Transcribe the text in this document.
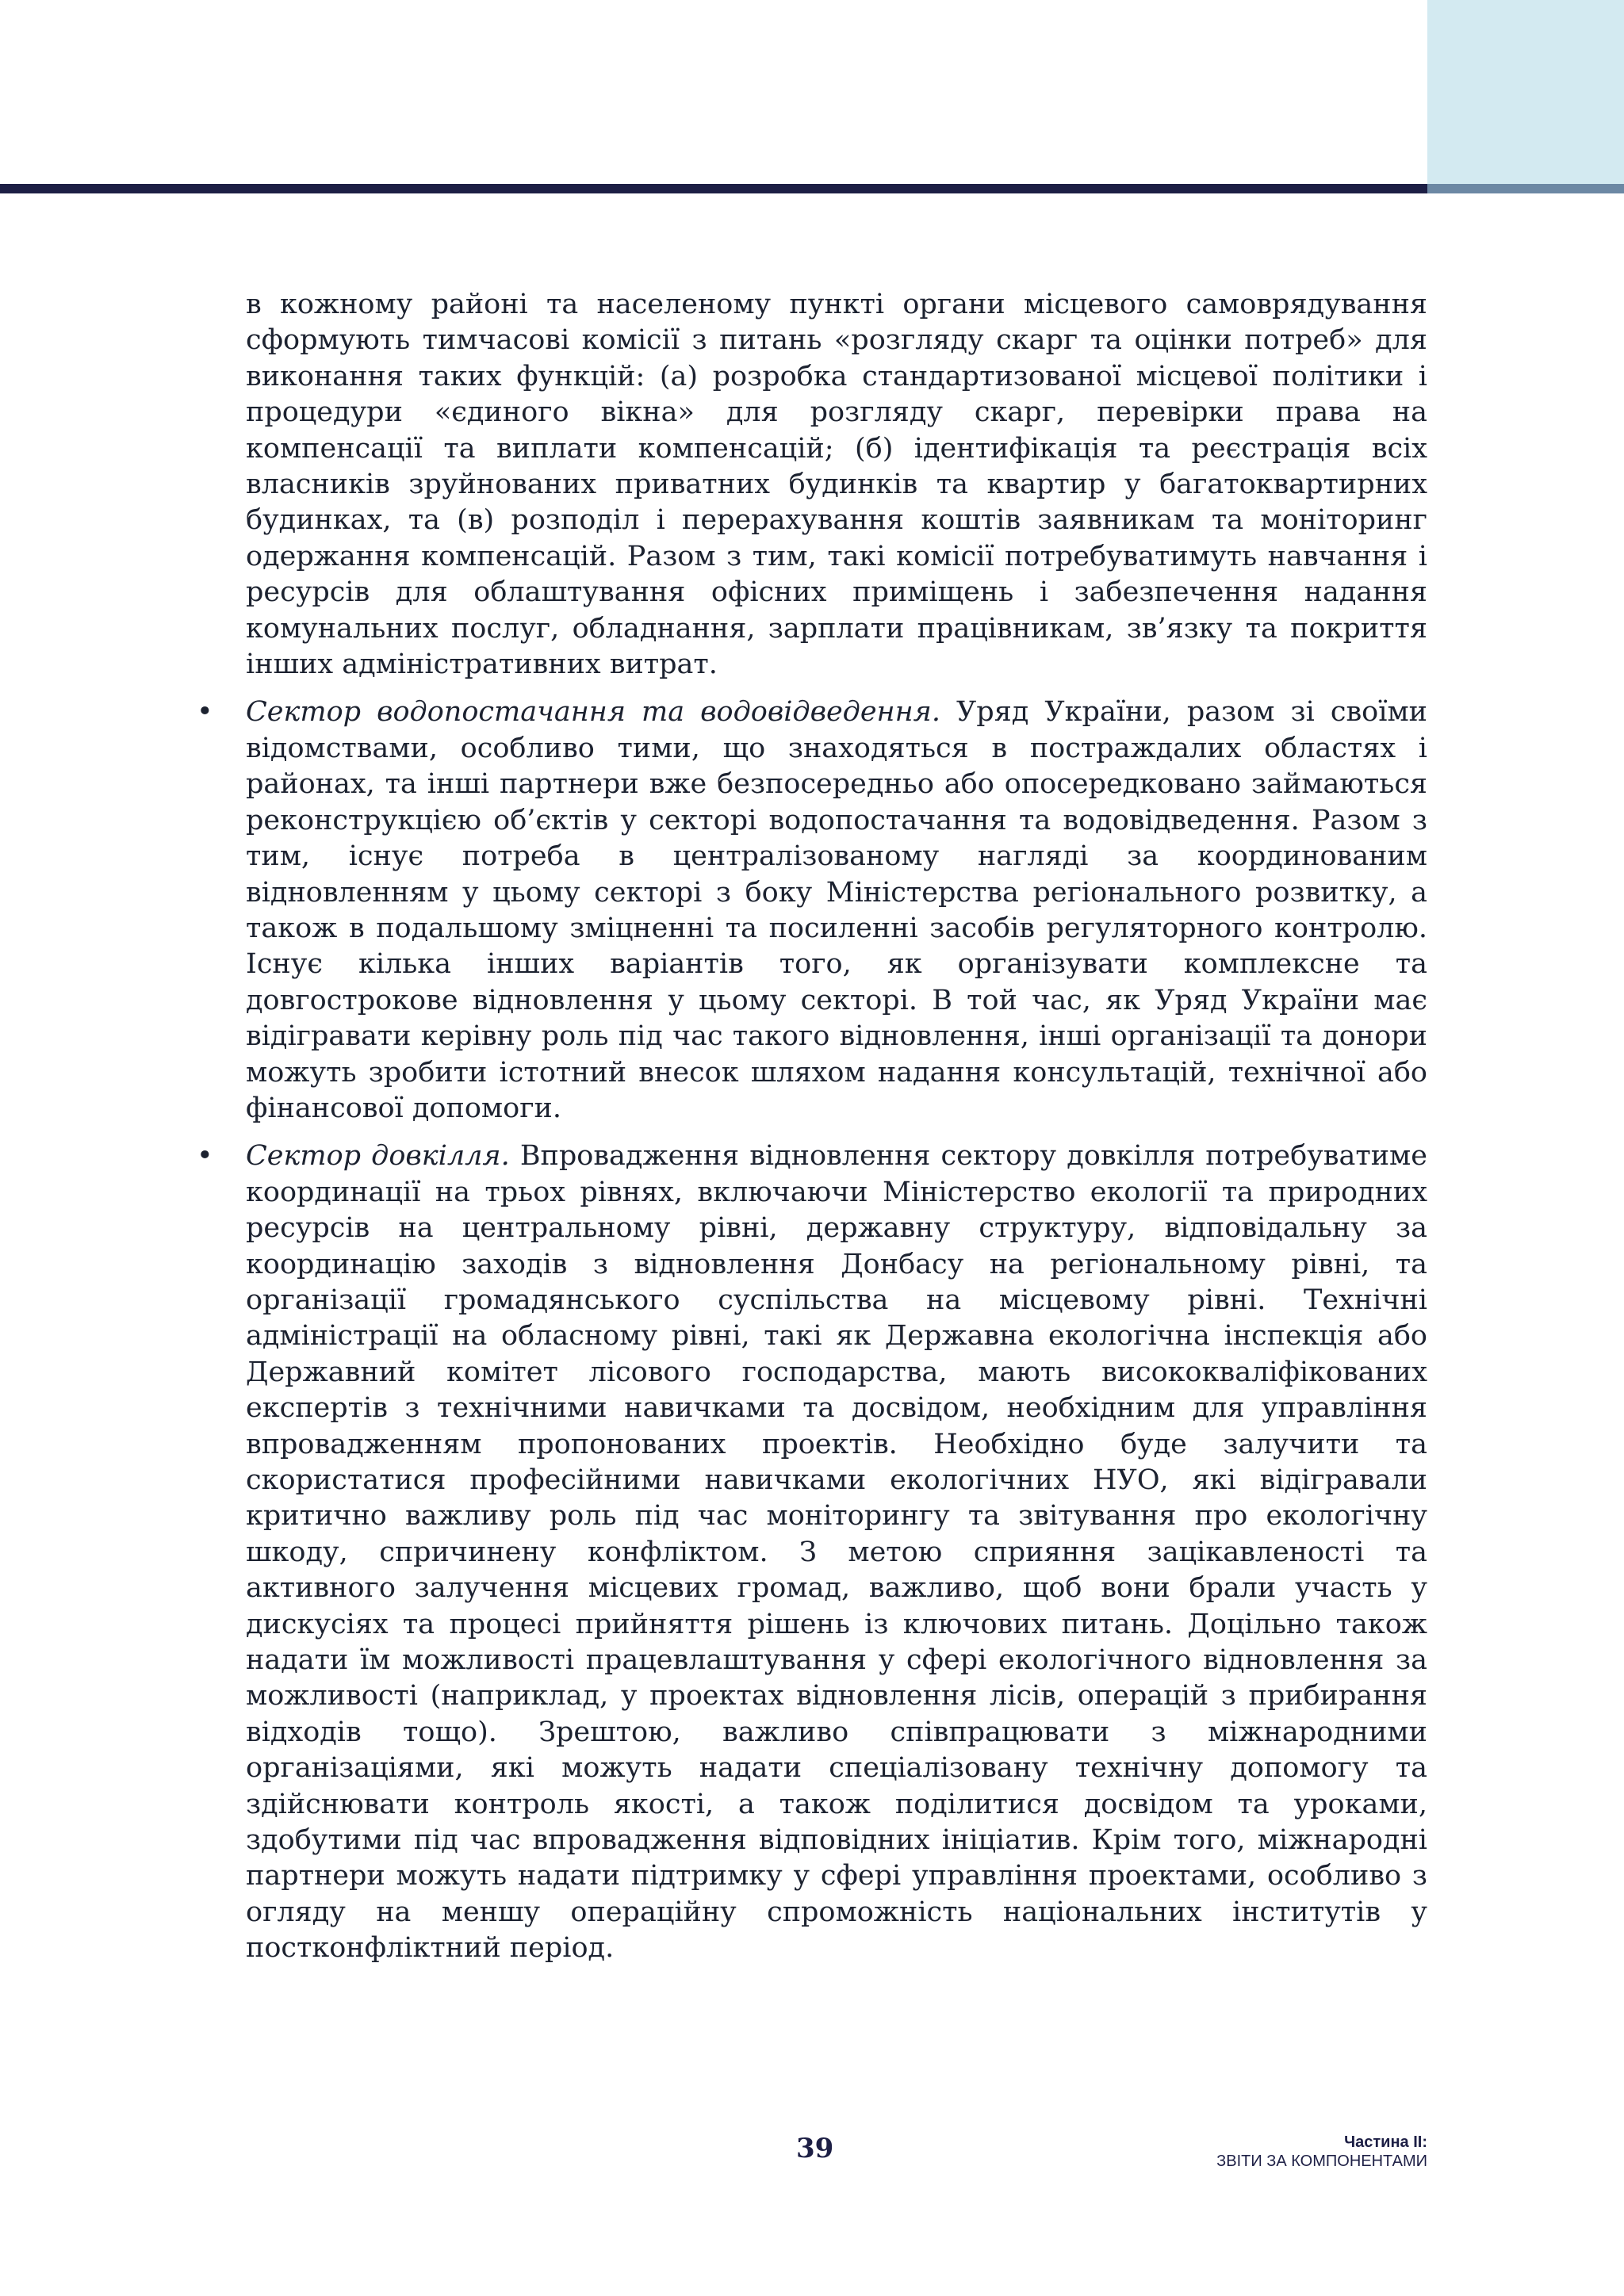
в кожному районі та населеному пункті органи місцевого самоврядування сформують тимчасові комісії з питань «розгляду скарг та оцінки потреб» для виконання таких функцій: (а) розробка стандартизованої місцевої політики і процедури «єдиного вікна» для розгляду скарг, перевірки права на компенсації та виплати компенсацій; (б) ідентифікація та реєстрація всіх власників зруйнованих приватних будинків та квартир у багатоквартирних будинках, та (в) розподіл і перерахування коштів заявникам та моніторинг одержання компенсацій. Разом з тим, такі комісії потребуватимуть навчання і ресурсів для облаштування офісних приміщень і забезпечення надання комунальних послуг, обладнання, зарплати працівникам, зв’язку та покриття інших адміністративних витрат.

• Сектор водопостачання та водовідведення. Уряд України, разом зі своїми відомствами, особливо тими, що знаходяться в постраждалих областях і районах, та інші партнери вже безпосередньо або опосередковано займаються реконструкцією об’єктів у секторі водопостачання та водовідведення. Разом з тим, існує потреба в централізованому нагляді за координованим відновленням у цьому секторі з боку Міністерства регіонального розвитку, а також в подальшому зміцненні та посиленні засобів регуляторного контролю. Існує кілька інших варіантів того, як організувати комплексне та довгострокове відновлення у цьому секторі. В той час, як Уряд України має відігравати керівну роль під час такого відновлення, інші організації та донори можуть зробити істотний внесок шляхом надання консультацій, технічної або фінансової допомоги.

• Сектор довкілля. Впровадження відновлення сектору довкілля потребуватиме координації на трьох рівнях, включаючи Міністерство екології та природних ресурсів на центральному рівні, державну структуру, відповідальну за координацію заходів з відновлення Донбасу на регіональному рівні, та організації громадянського суспільства на місцевому рівні. Технічні адміністрації на обласному рівні, такі як Державна екологічна інспекція або Державний комітет лісового господарства, мають висококваліфікованих експертів з технічними навичками та досвідом, необхідним для управління впровадженням пропонованих проектів. Необхідно буде залучити та скористатися професійними навичками екологічних НУО, які відігравали критично важливу роль під час моніторингу та звітування про екологічну шкоду, спричинену конфліктом. З метою сприяння зацікавленості та активного залучення місцевих громад, важливо, щоб вони брали участь у дискусіях та процесі прийняття рішень із ключових питань. Доцільно також надати їм можливості працевлаштування у сфері екологічного відновлення за можливості (наприклад, у проектах відновлення лісів, операцій з прибирання відходів тощо). Зрештою, важливо співпрацювати з міжнародними організаціями, які можуть надати спеціалізовану технічну допомогу та здійснювати контроль якості, а також поділитися досвідом та уроками, здобутими під час впровадження відповідних ініціатив. Крім того, міжнародні партнери можуть надати підтримку у сфері управління проектами, особливо з огляду на меншу операційну спроможність національних інститутів у постконфліктний період.

39	Частина II:
ЗВІТИ ЗА КОМПОНЕНТАМИ
